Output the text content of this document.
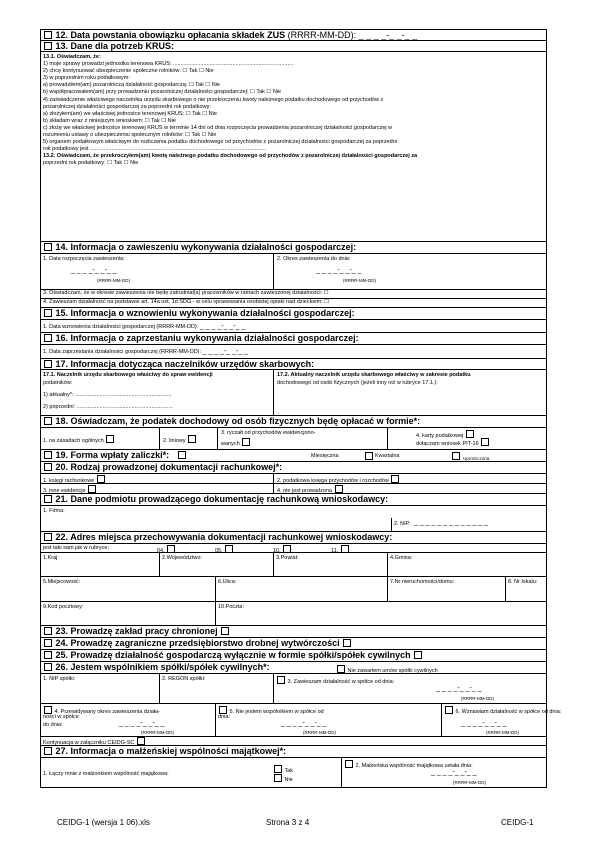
12. Data powstania obowiązku opłacania składek ZUS (RRRR-MM-DD): _ _ _ _-_ _-_ _
13. Dane dla potrzeb KRUS:
13.1. Oświadczam, że:
1) moje sprawy prowadzi jednostka terenowa KRUS: ...............................................................................
2) chcę kontynuować ubezpieczenie społeczne rolników: ☐ Tak ☐ Nie
3) w poprzednim roku podatkowym:
a) prowadziłem(am) pozarolniczą działalność gospodarczą: ☐ Tak ☐ Nie
b) współpracowałem(am) przy prowadzeniu pozarolniczej działalności gospodarczej: ☐ Tak ☐ Nie
4) zaświadczenie właściwego naczelnika urzędu skarbowego o nie przekroczeniu kwoty należnego podatku dochodowego od przychodów z
pozarolniczej działalności gospodarczej za poprzedni rok podatkowy:
a) złożyłem(am) we właściwej jednostce terenowej KRUS: ☐ Tak ☐ Nie
b) składam wraz z niniejszym wnioskiem: ☐ Tak ☐ Nie
c) złożę we właściwej jednostce terenowej KRUS w terminie 14 dni od dnia rozpoczęcia prowadzenia pozarolniczej działalności gospodarczej w
rozumieniu ustawy o ubezpieczeniu społecznym rolników: ☐ Tak ☐ Nie
5) organem podatkowym właściwym do rozliczenia podatku dochodowego od przychodów z pozarolniczej działalności gospodarczej za poprzedni
rok podatkowy jest ...................................................................................................................
13.2. Oświadczam, że przekroczyłem(am) kwotę należnego podatku dochodowego od przychodów z pozarolniczej działalności gospodarczej za
poprzedni rok podatkowy: ☐ Tak ☐ Nie
14. Informacja o zawieszeniu wykonywania działalności gospodarczej:
1. Data rozpoczęcia zawieszenia:
_ _ _ _-_ _-_ _
(RRRR-MM-DD)
2. Okres zawieszenia do dnia:
_ _ _ _-_ _-_ _
(RRRR-MM-DD)
3. Oświadczam, że w okresie zawieszenia nie będę zatrudniał(a) pracowników w ramach zawieszonej działalności: ☐
4. Zawieszam działalność na podstawie art. 14a ust. 1d SDG - w celu sprawowania osobistej opieki nad dzieckiem: ☐
15. Informacja o wznowieniu wykonywania działalności gospodarczej:
1. Data wznowienia działalności gospodarczej (RRRR-MM-DD): _ _ _ _-_ _-_ _
16. Informacja o zaprzestaniu wykonywania działalności gospodarczej:
1. Data zaprzestania działalności gospodarczej (RRRR-MM-DD): _ _ _ _-_ _-_ _
17. Informacja dotycząca naczelników urzędów skarbowych:
17.1. Naczelnik urzędu skarbowego właściwy do spraw ewidencji
podatników:
1) aktualny*: ...............................................................
2) poprzedni: ...............................................................
17.2. Aktualny naczelnik urzędu skarbowego właściwy w zakresie podatku
dochodowego od osób fizycznych (jeżeli inny niż w rubryce 17.1.):
18. Oświadczam, że podatek dochodowy od osób fizycznych będę opłacać w formie*:
1. na zasadach ogólnych	2. liniowy
3. ryczałt od przychodów ewidencjono-
wanych
4. karty podatkowej
dołączam wniosek PIT-16
19. Forma wpłaty zaliczki*:	Miesięczna	Kwartalna	Uproszczona
20. Rodzaj prowadzonej dokumentacji rachunkowej*:
1. księgi rachunkowe	2. podatkowa księga przychodów i rozchodów
3. inne ewidencje	4. nie jest prowadzona
21. Dane podmiotu prowadzącego dokumentację rachunkową wnioskodawcy:
1. Firma:
2. NIP: _ _ _ _ _ _ _ _ _ _ _ _ _
22. Adres miejsca przechowywania dokumentacji rachunkowej wnioskodawcy:
jest taki sam jak w rubryce:	04.	05.	10.	11.
1.Kraj:	2.Województwo:	3.Powiat:	4.Gmina:
5.Miejscowość:	6.Ulica:	7.Nr nieruchomości/domu:	8. Nr lokalu:
9.Kod pocztowy:	10.Poczta:
23. Prowadzę zakład pracy chronionej
24. Prowadzę zagraniczne przedsiębiorstwo drobnej wytwórczości
25. Prowadzę działalność gospodarczą wyłącznie w formie spółki/spółek cywilnych
26. Jestem wspólnikiem spółki/spółek cywilnych*:	Nie zawarłem umów spółki cywilnych
1. NIP spółki:	2. REGON spółki:	3. Zawieszam działalność w spółce od dnia:
_ _ _ _-_ _-_ _
(RRRR-MM-DD)
4. Przewidywany okres zawieszenia działa-
ności w spółce
do dnia:	_ _ _ _-_ _-_ _
(RRRR-MM-DD)
5. Nie jestem wspólnikiem w spółce od
dnia:
_ _ _ _-_ _-_ _
(RRRR-MM-DD)
6. Wznawiam działalność w spółce od dnia:
_ _ _ _-_ _-_ _
(RRRR-MM-DD)
Kontynuacja w załączniku CEIDG-SC
27. Informacja o małżeńskiej wspólności majątkowej*:
1. Łączy mnie z małżonkiem wspólność majątkowa:	Tak
Nie
2. Małżeńska wspólność majątkowa ustała dnia:
_ _ _ _-_ _-_ _
(RRRR-MM-DD)
CEIDG-1 (wersja 1 06).xls	Strona 3 z 4	CEIDG-1
